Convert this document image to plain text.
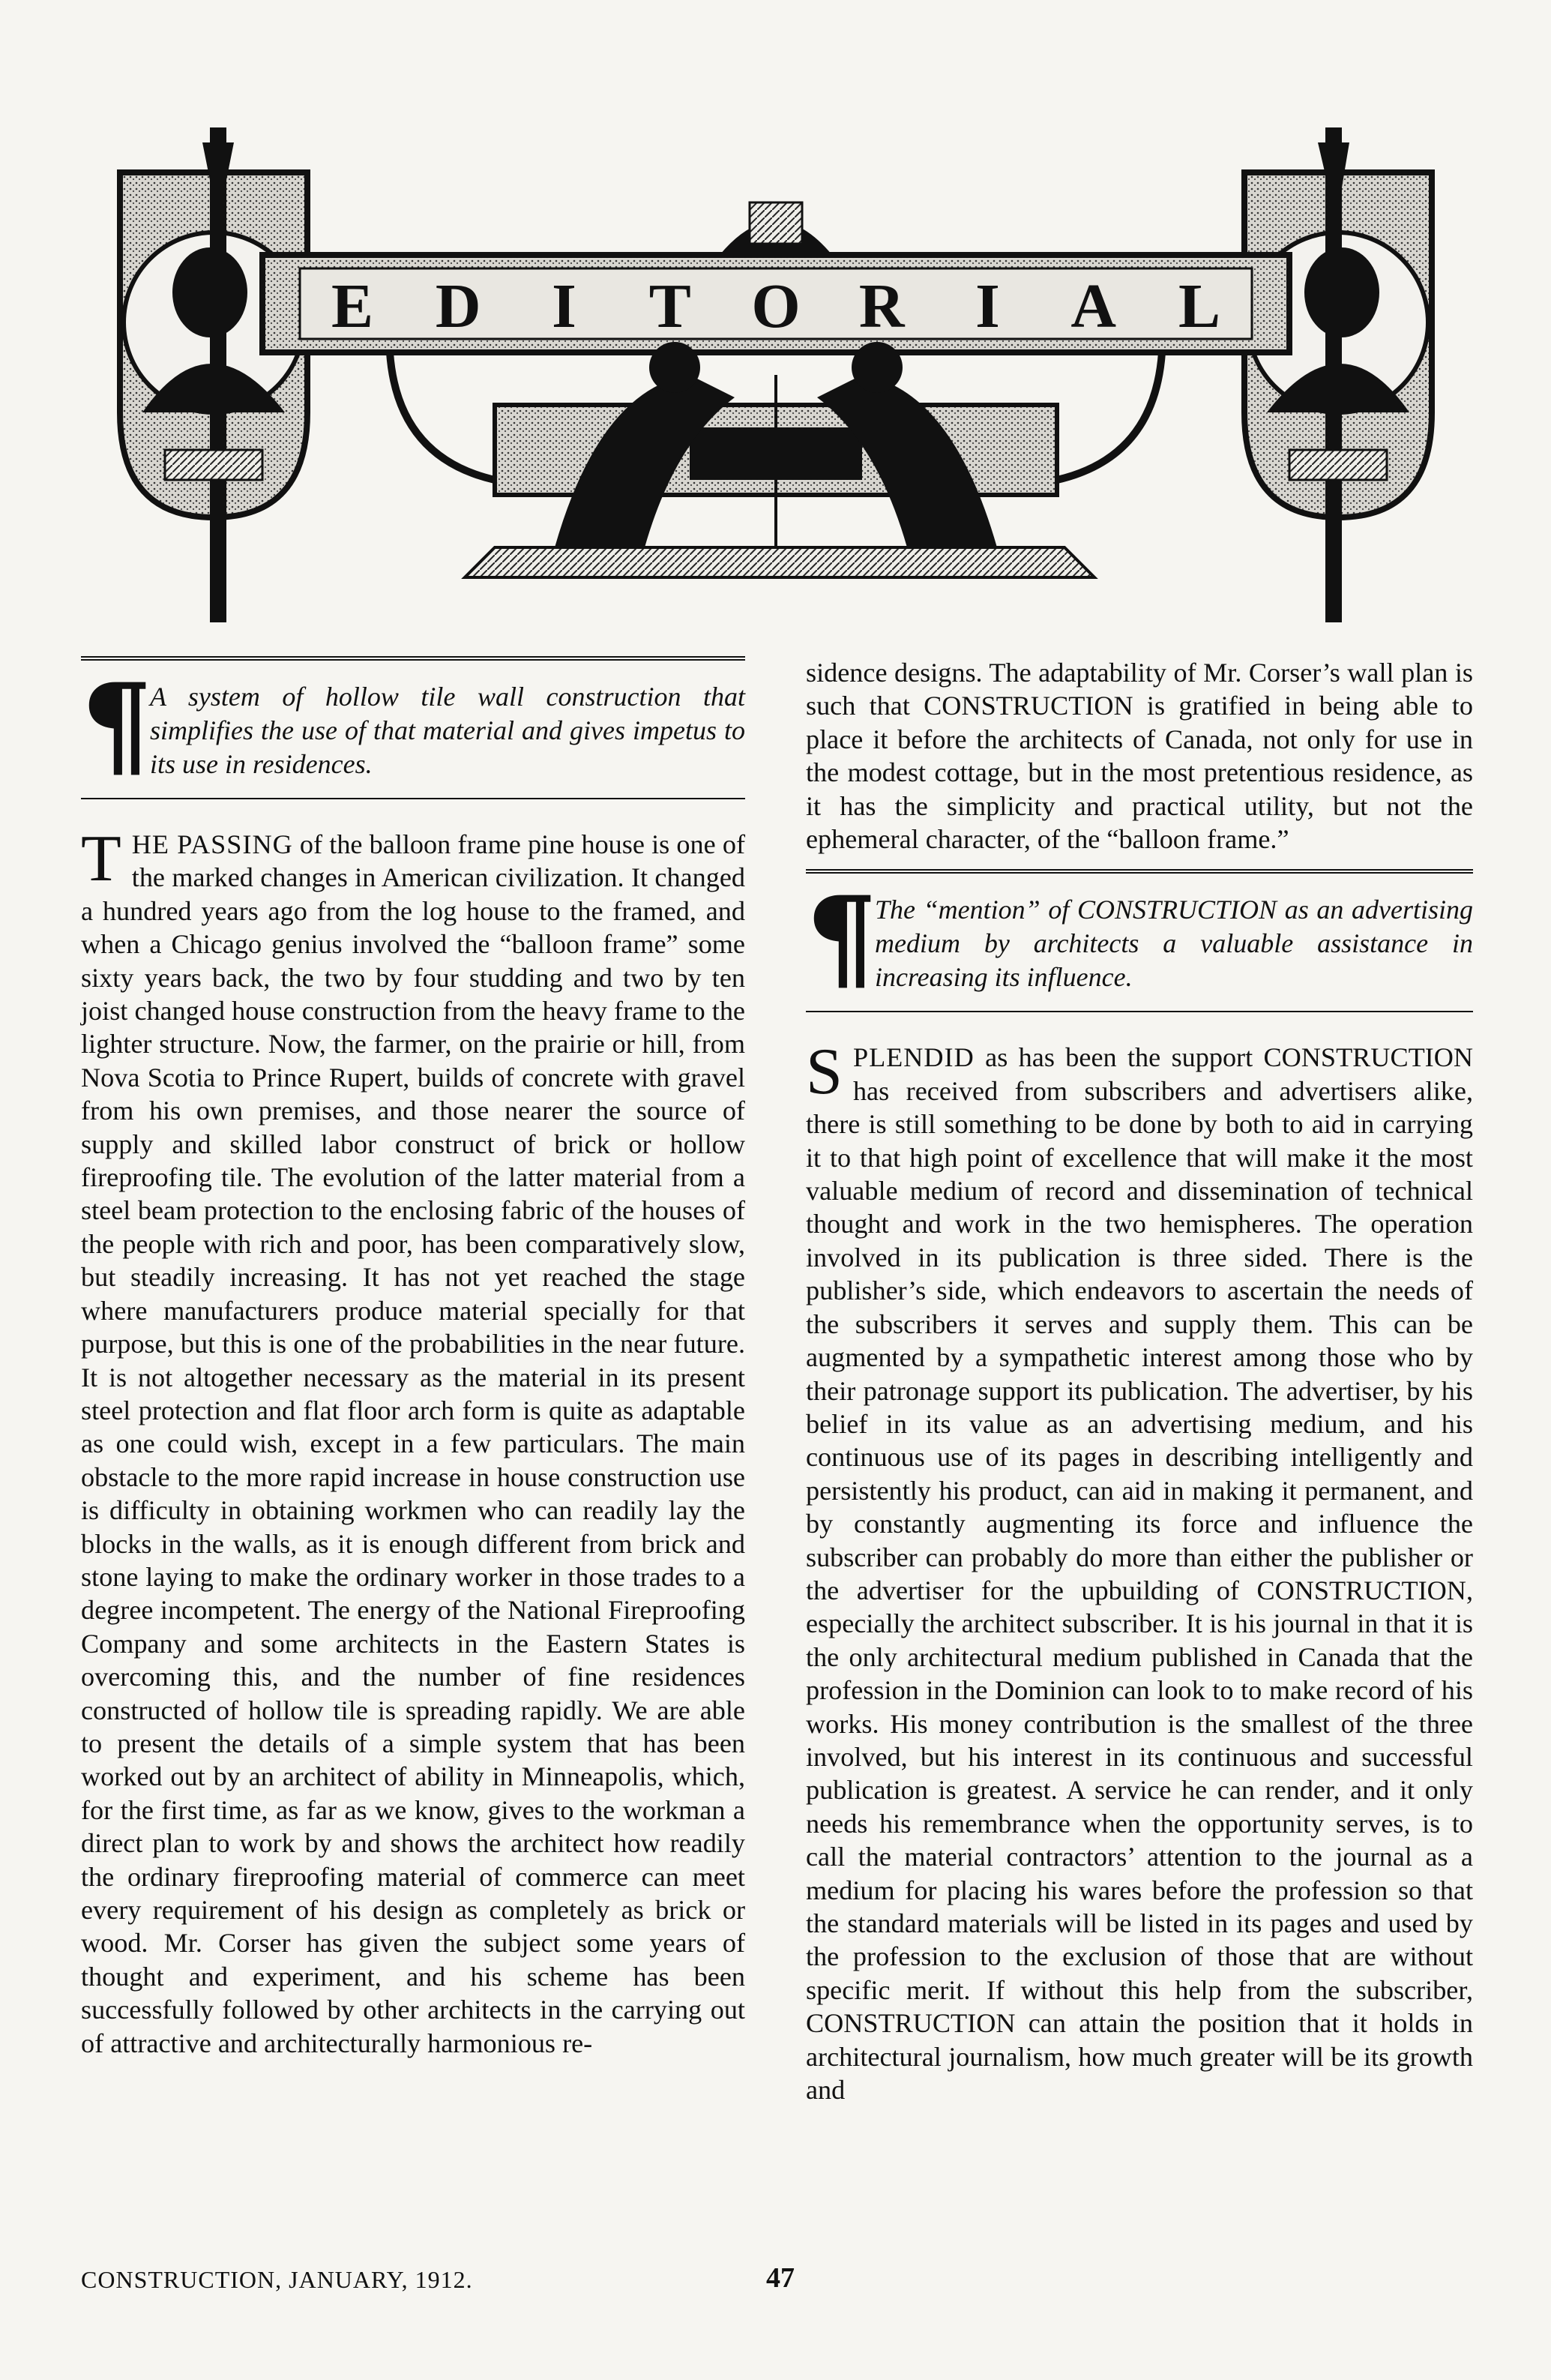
E D I T O R I A L
¶
A system of hollow tile wall construction that simplifies the use of that material and gives impetus to its use in residences.

THE PASSING of the balloon frame pine house is one of the marked changes in American civilization. It changed a hundred years ago from the log house to the framed, and when a Chicago genius involved the “balloon frame” some sixty years back, the two by four studding and two by ten joist changed house construction from the heavy frame to the lighter structure. Now, the farmer, on the prairie or hill, from Nova Scotia to Prince Rupert, builds of concrete with gravel from his own premises, and those nearer the source of supply and skilled labor construct of brick or hollow fireproofing tile. The evolution of the latter material from a steel beam protection to the enclosing fabric of the houses of the people with rich and poor, has been comparatively slow, but steadily increasing. It has not yet reached the stage where manufacturers produce material specially for that purpose, but this is one of the probabilities in the near future. It is not altogether necessary as the material in its present steel protection and flat floor arch form is quite as adaptable as one could wish, except in a few particulars. The main obstacle to the more rapid increase in house construction use is difficulty in obtaining workmen who can readily lay the blocks in the walls, as it is enough different from brick and stone laying to make the ordinary worker in those trades to a degree incompetent. The energy of the National Fireproofing Company and some architects in the Eastern States is overcoming this, and the number of fine residences constructed of hollow tile is spreading rapidly. We are able to present the details of a simple system that has been worked out by an architect of ability in Minneapolis, which, for the first time, as far as we know, gives to the workman a direct plan to work by and shows the architect how readily the ordinary fireproofing material of commerce can meet every requirement of his design as completely as brick or wood. Mr. Corser has given the subject some years of thought and experiment, and his scheme has been successfully followed by other architects in the carrying out of attractive and architecturally harmonious re-

sidence designs. The adaptability of Mr. Corser’s wall plan is such that CONSTRUCTION is gratified in being able to place it before the architects of Canada, not only for use in the modest cottage, but in the most pretentious residence, as it has the simplicity and practical utility, but not the ephemeral character, of the “balloon frame.”

¶
The “mention” of CONSTRUCTION as an advertising medium by architects a valuable assistance in increasing its influence.

SPLENDID as has been the support CONSTRUCTION has received from subscribers and advertisers alike, there is still something to be done by both to aid in carrying it to that high point of excellence that will make it the most valuable medium of record and dissemination of technical thought and work in the two hemispheres. The operation involved in its publication is three sided. There is the publisher’s side, which endeavors to ascertain the needs of the subscribers it serves and supply them. This can be augmented by a sympathetic interest among those who by their patronage support its publication. The advertiser, by his belief in its value as an advertising medium, and his continuous use of its pages in describing intelligently and persistently his product, can aid in making it permanent, and by constantly augmenting its force and influence the subscriber can probably do more than either the publisher or the advertiser for the upbuilding of CONSTRUCTION, especially the architect subscriber. It is his journal in that it is the only architectural medium published in Canada that the profession in the Dominion can look to to make record of his works. His money contribution is the smallest of the three involved, but his interest in its continuous and successful publication is greatest. A service he can render, and it only needs his remembrance when the opportunity serves, is to call the material contractors’ attention to the journal as a medium for placing his wares before the profession so that the standard materials will be listed in its pages and used by the profession to the exclusion of those that are without specific merit. If without this help from the subscriber, CONSTRUCTION can attain the position that it holds in architectural journalism, how much greater will be its growth and

CONSTRUCTION, JANUARY, 1912.	47
